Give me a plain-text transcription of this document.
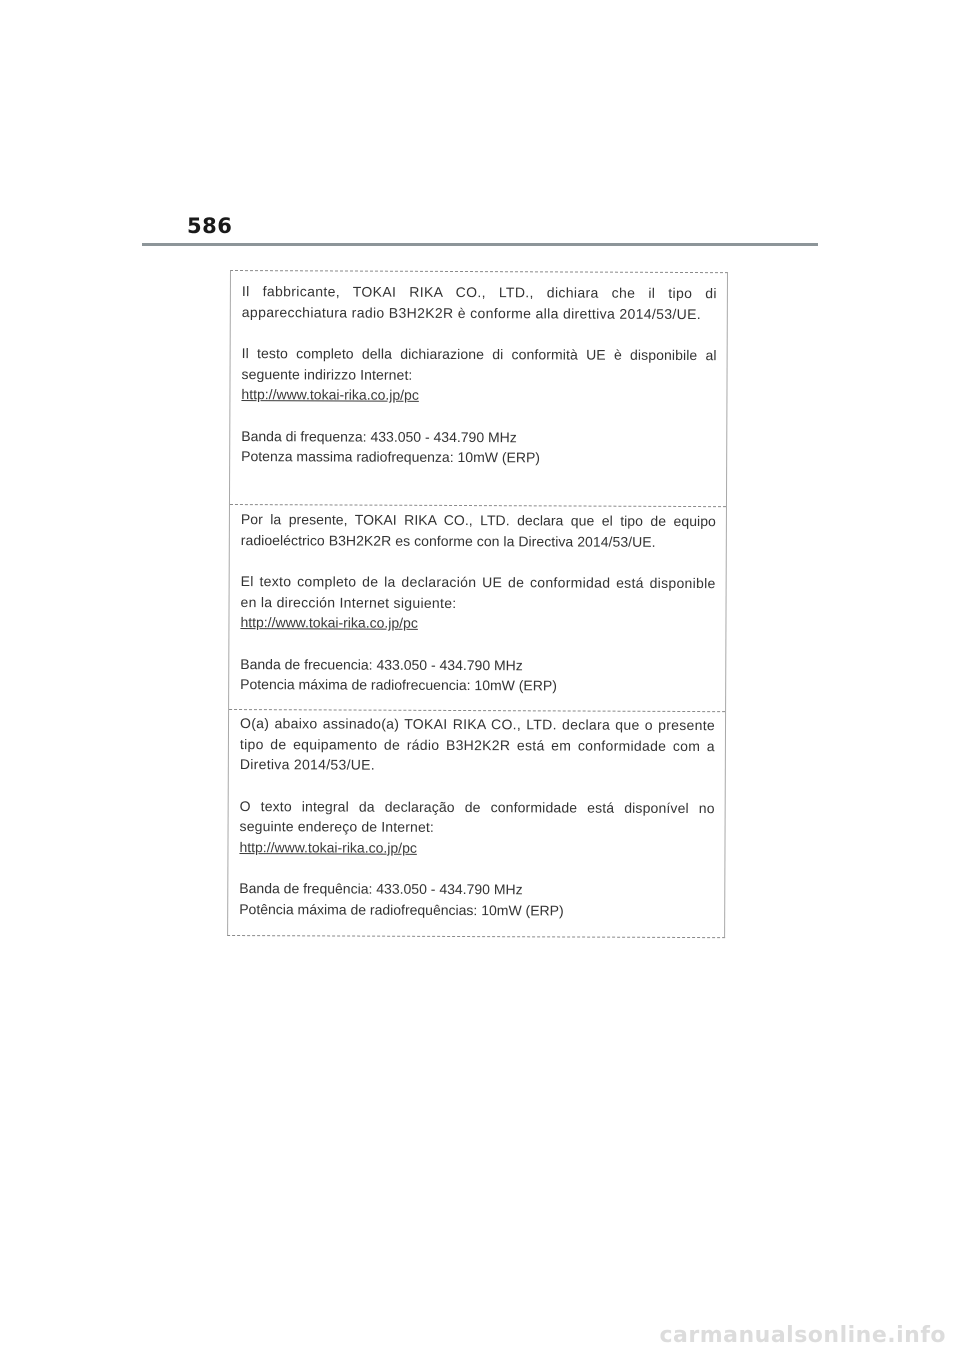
586

Il fabbricante, TOKAI RIKA CO., LTD., dichiara che il tipo di apparecchiatura radio B3H2K2R è conforme alla direttiva 2014/53/UE.

Il testo completo della dichiarazione di conformità UE è disponibile al seguente indirizzo Internet:

http://www.tokai-rika.co.jp/pc

Banda di frequenza: 433.050 - 434.790 MHz

Potenza massima radiofrequenza: 10mW (ERP)

Por la presente, TOKAI RIKA CO., LTD. declara que el tipo de equipo radioeléctrico B3H2K2R es conforme con la Directiva 2014/53/UE.

El texto completo de la declaración UE de conformidad está disponible en la dirección Internet siguiente:

http://www.tokai-rika.co.jp/pc

Banda de frecuencia: 433.050 - 434.790 MHz

Potencia máxima de radiofrecuencia: 10mW (ERP)

O(a) abaixo assinado(a) TOKAI RIKA CO., LTD. declara que o presente tipo de equipamento de rádio B3H2K2R está em conformidade com a Diretiva 2014/53/UE.

O texto integral da declaração de conformidade está disponível no seguinte endereço de Internet:

http://www.tokai-rika.co.jp/pc

Banda de frequência: 433.050 - 434.790 MHz

Potência máxima de radiofrequências: 10mW (ERP)

carmanualsonline.info
